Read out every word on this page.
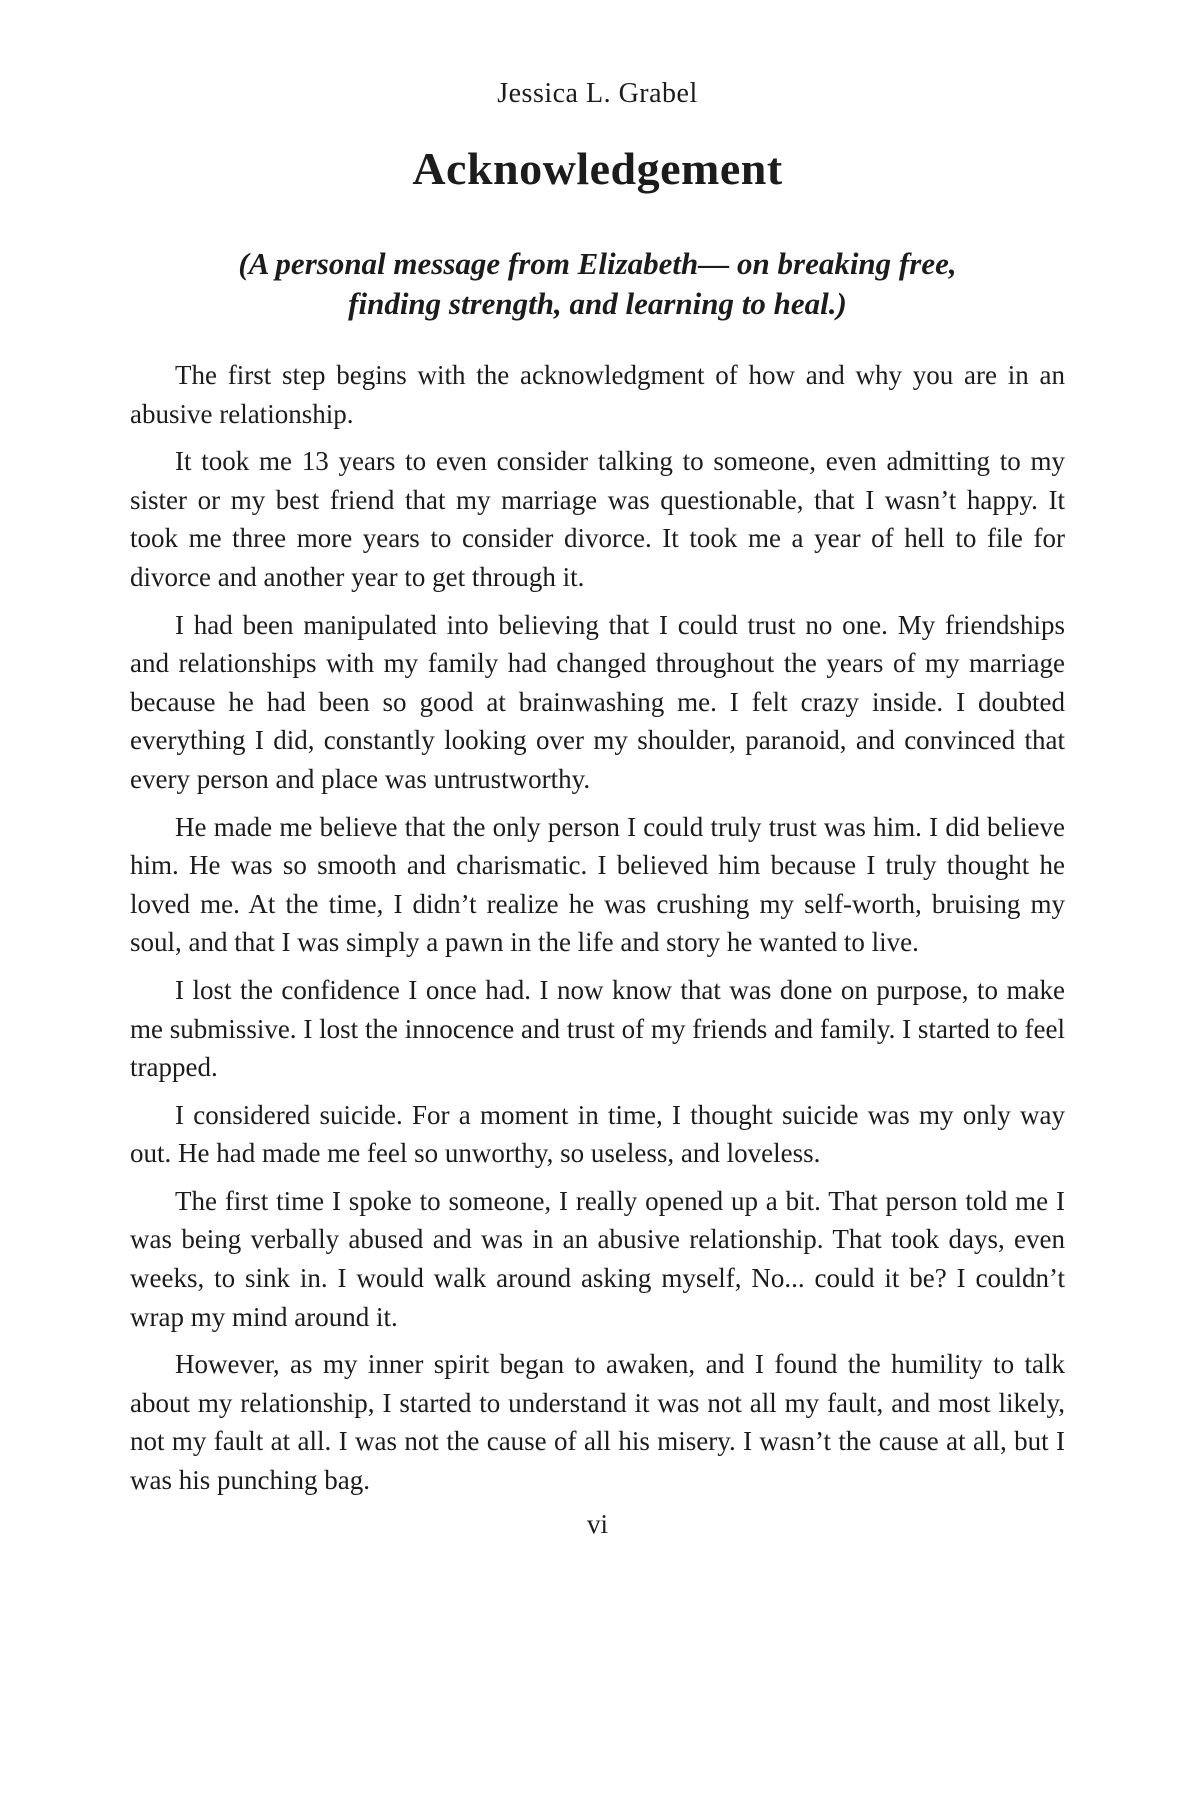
Jessica L. Grabel
Acknowledgement
(A personal message from Elizabeth— on breaking free,
finding strength, and learning to heal.)

The first step begins with the acknowledgment of how and why you are in an abusive relationship.

It took me 13 years to even consider talking to someone, even admitting to my sister or my best friend that my marriage was questionable, that I wasn’t happy. It took me three more years to consider divorce. It took me a year of hell to file for divorce and another year to get through it.

I had been manipulated into believing that I could trust no one. My friendships and relationships with my family had changed throughout the years of my marriage because he had been so good at brainwashing me. I felt crazy inside. I doubted everything I did, constantly looking over my shoulder, paranoid, and convinced that every person and place was untrustworthy.

He made me believe that the only person I could truly trust was him. I did believe him. He was so smooth and charismatic. I believed him because I truly thought he loved me. At the time, I didn’t realize he was crushing my self-worth, bruising my soul, and that I was simply a pawn in the life and story he wanted to live.

I lost the confidence I once had. I now know that was done on purpose, to make me submissive. I lost the innocence and trust of my friends and family. I started to feel trapped.

I considered suicide. For a moment in time, I thought suicide was my only way out. He had made me feel so unworthy, so useless, and loveless.

The first time I spoke to someone, I really opened up a bit. That person told me I was being verbally abused and was in an abusive relationship. That took days, even weeks, to sink in. I would walk around asking myself, No... could it be? I couldn’t wrap my mind around it.

However, as my inner spirit began to awaken, and I found the humility to talk about my relationship, I started to understand it was not all my fault, and most likely, not my fault at all. I was not the cause of all his misery. I wasn’t the cause at all, but I was his punching bag.

vi
